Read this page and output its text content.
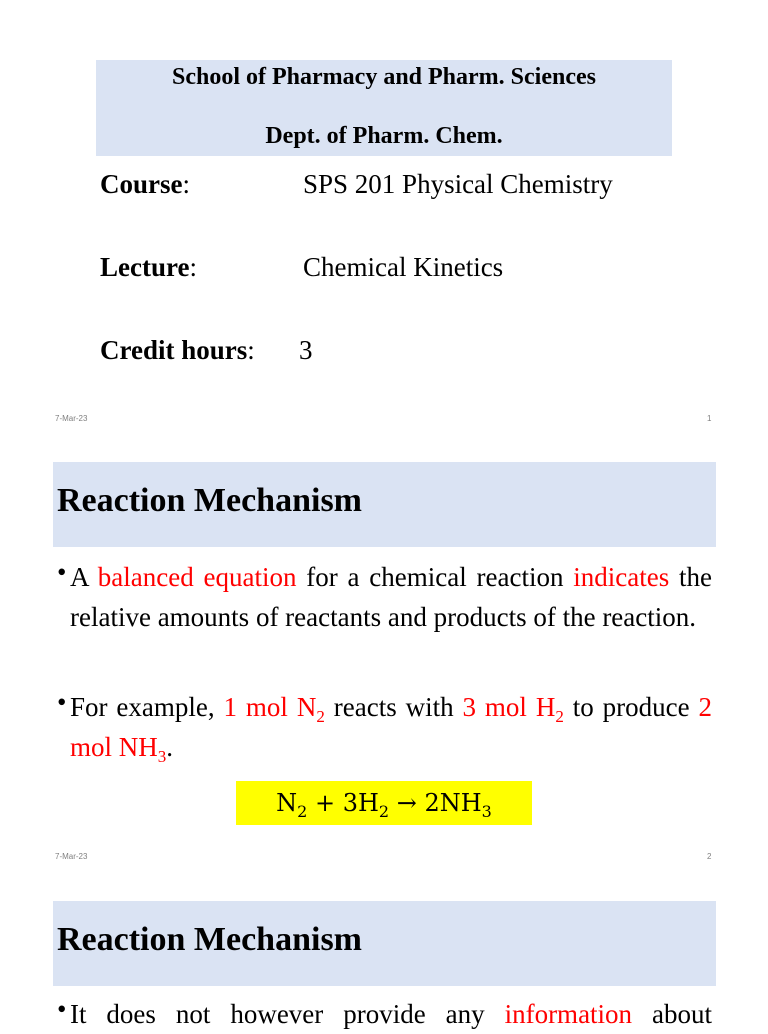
School of Pharmacy and Pharm. Sciences
Dept. of Pharm. Chem.
Course:	SPS 201 Physical Chemistry
Lecture:	Chemical Kinetics
Credit hours: 3
7-Mar-23	1
Reaction Mechanism
• A balanced equation for a chemical reaction indicates the relative amounts of reactants and products of the reaction.
• For example, 1 mol $N_2$ reacts with 3 mol $H_2$ to produce 2 mol $NH_3$.
$N_2 + 3H_2 \to 2NH_3$
7-Mar-23	2
Reaction Mechanism
• It does not however provide any information about
